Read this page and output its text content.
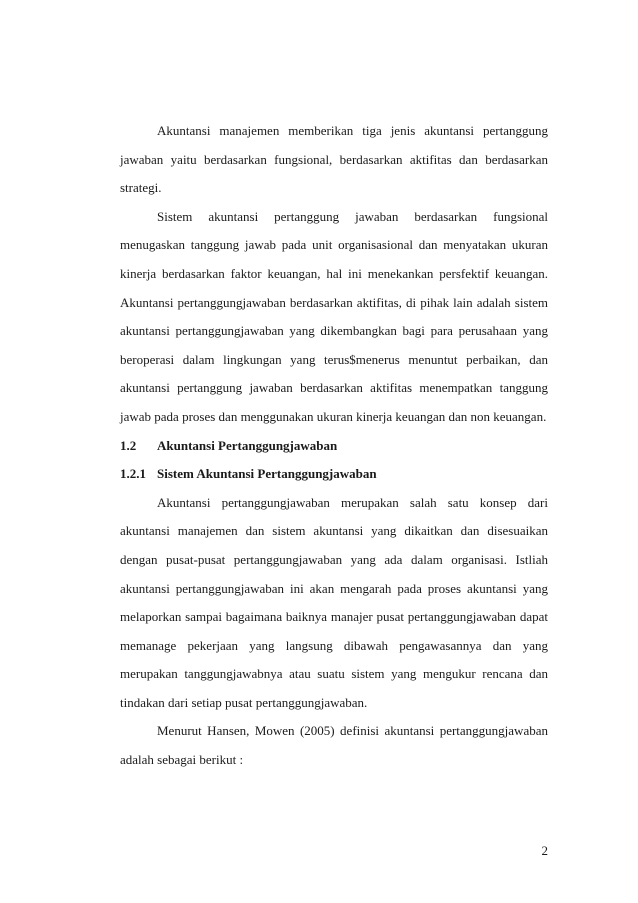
Akuntansi manajemen memberikan tiga jenis akuntansi pertanggung jawaban yaitu berdasarkan fungsional, berdasarkan aktifitas dan berdasarkan strategi.

Sistem akuntansi pertanggung jawaban berdasarkan fungsional menugaskan tanggung jawab pada unit organisasional dan menyatakan ukuran kinerja berdasarkan faktor keuangan, hal ini menekankan persfektif keuangan. Akuntansi pertanggungjawaban berdasarkan aktifitas, di pihak lain adalah sistem akuntansi pertanggungjawaban yang dikembangkan bagi para perusahaan yang beroperasi dalam lingkungan yang terus$menerus menuntut perbaikan, dan akuntansi pertanggung jawaban berdasarkan aktifitas menempatkan tanggung jawab pada proses dan menggunakan ukuran kinerja keuangan dan non keuangan.

1.2 Akuntansi Pertanggungjawaban

1.2.1 Sistem Akuntansi Pertanggungjawaban

Akuntansi pertanggungjawaban merupakan salah satu konsep dari akuntansi manajemen dan sistem akuntansi yang dikaitkan dan disesuaikan dengan pusat-pusat pertanggungjawaban yang ada dalam organisasi. Istliah akuntansi pertanggungjawaban ini akan mengarah pada proses akuntansi yang melaporkan sampai bagaimana baiknya manajer pusat pertanggungjawaban dapat memanage pekerjaan yang langsung dibawah pengawasannya dan yang merupakan tanggungjawabnya atau suatu sistem yang mengukur rencana dan tindakan dari setiap pusat pertanggungjawaban.

Menurut Hansen, Mowen (2005) definisi akuntansi pertanggungjawaban adalah sebagai berikut :

2
